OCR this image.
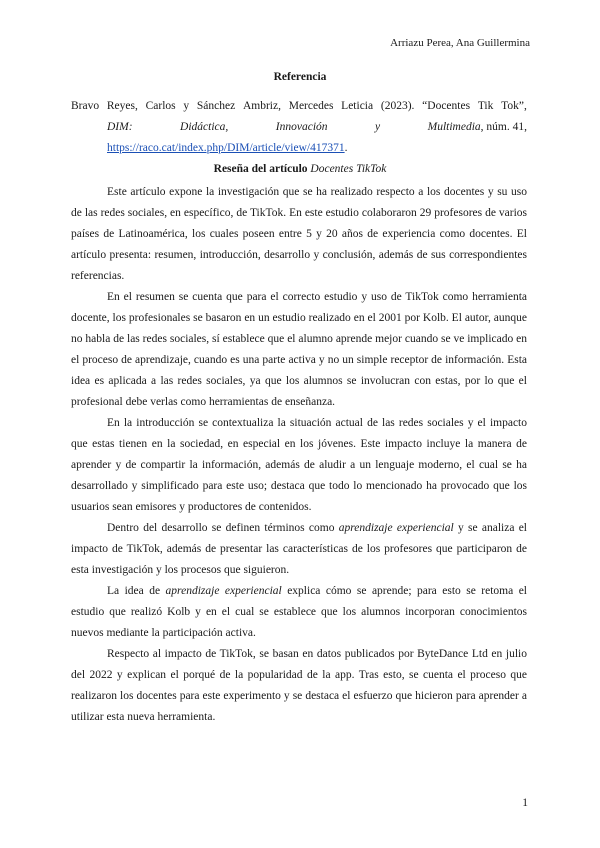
Arriazu Perea, Ana Guillermina
Referencia
Bravo Reyes, Carlos y Sánchez Ambriz, Mercedes Leticia (2023). “Docentes Tik Tok”,
DIM:	Didáctica,	Innovación	y	Multimedia, núm. 41,
https://raco.cat/index.php/DIM/article/view/417371.
Reseña del artículo Docentes TikTok

Este artículo expone la investigación que se ha realizado respecto a los docentes y su uso de las redes sociales, en específico, de TikTok. En este estudio colaboraron 29 profesores de varios países de Latinoamérica, los cuales poseen entre 5 y 20 años de experiencia como docentes. El artículo presenta: resumen, introducción, desarrollo y conclusión, además de sus correspondientes referencias.

En el resumen se cuenta que para el correcto estudio y uso de TikTok como herramienta docente, los profesionales se basaron en un estudio realizado en el 2001 por Kolb. El autor, aunque no habla de las redes sociales, sí establece que el alumno aprende mejor cuando se ve implicado en el proceso de aprendizaje, cuando es una parte activa y no un simple receptor de información. Esta idea es aplicada a las redes sociales, ya que los alumnos se involucran con estas, por lo que el profesional debe verlas como herramientas de enseñanza.

En la introducción se contextualiza la situación actual de las redes sociales y el impacto que estas tienen en la sociedad, en especial en los jóvenes. Este impacto incluye la manera de aprender y de compartir la información, además de aludir a un lenguaje moderno, el cual se ha desarrollado y simplificado para este uso; destaca que todo lo mencionado ha provocado que los usuarios sean emisores y productores de contenidos.

Dentro del desarrollo se definen términos como aprendizaje experiencial y se analiza el impacto de TikTok, además de presentar las características de los profesores que participaron de esta investigación y los procesos que siguieron.

La idea de aprendizaje experiencial explica cómo se aprende; para esto se retoma el estudio que realizó Kolb y en el cual se establece que los alumnos incorporan conocimientos nuevos mediante la participación activa.

Respecto al impacto de TikTok, se basan en datos publicados por ByteDance Ltd en julio del 2022 y explican el porqué de la popularidad de la app. Tras esto, se cuenta el proceso que realizaron los docentes para este experimento y se destaca el esfuerzo que hicieron para aprender a utilizar esta nueva herramienta.

1
